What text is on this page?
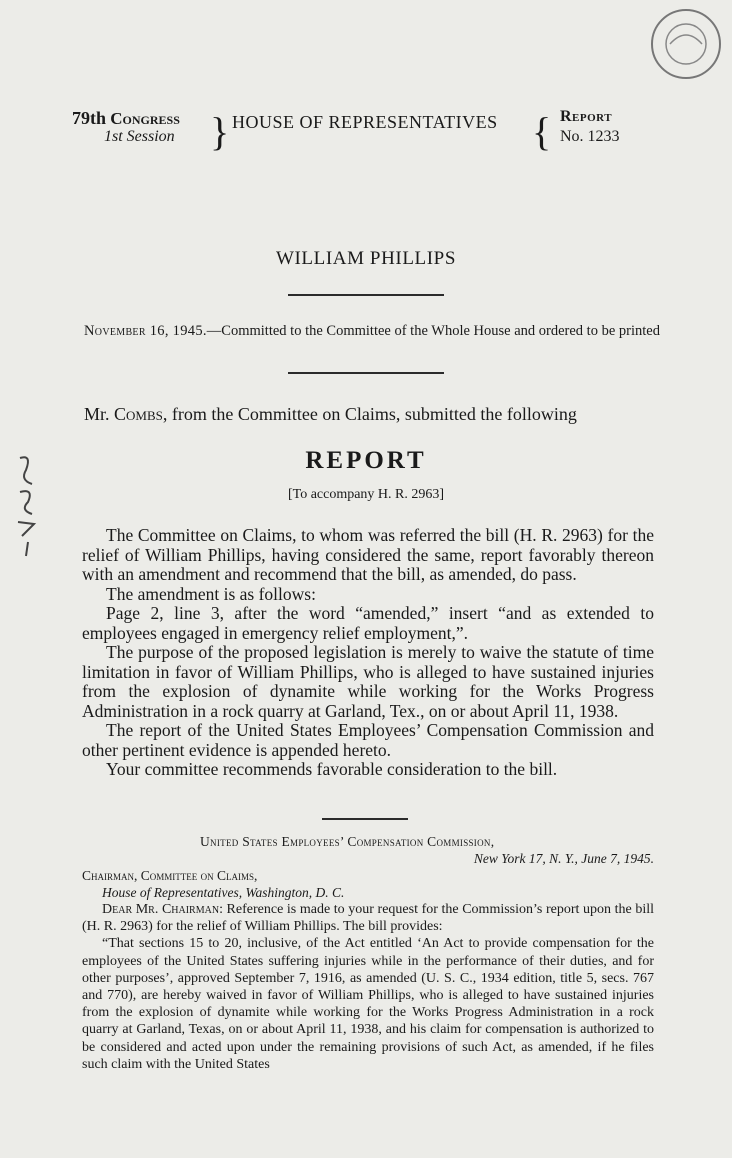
79th Congress
1st Session } HOUSE OF REPRESENTATIVES { Report
No. 1233
WILLIAM PHILLIPS
November 16, 1945.—Committed to the Committee of the Whole House and ordered to be printed
Mr. Combs, from the Committee on Claims, submitted the following
REPORT
[To accompany H. R. 2963]

The Committee on Claims, to whom was referred the bill (H. R. 2963) for the relief of William Phillips, having considered the same, report favorably thereon with an amendment and recommend that the bill, as amended, do pass.

The amendment is as follows:

Page 2, line 3, after the word “amended,” insert “and as extended to employees engaged in emergency relief employment,”.

The purpose of the proposed legislation is merely to waive the statute of time limitation in favor of William Phillips, who is alleged to have sustained injuries from the explosion of dynamite while working for the Works Progress Administration in a rock quarry at Garland, Tex., on or about April 11, 1938.

The report of the United States Employees’ Compensation Commission and other pertinent evidence is appended hereto.

Your committee recommends favorable consideration to the bill.

United States Employees’ Compensation Commission,
New York 17, N. Y., June 7, 1945.
Chairman, Committee on Claims,
House of Representatives, Washington, D. C.

Dear Mr. Chairman: Reference is made to your request for the Commission’s report upon the bill (H. R. 2963) for the relief of William Phillips. The bill provides:

“That sections 15 to 20, inclusive, of the Act entitled ‘An Act to provide compensation for the employees of the United States suffering injuries while in the performance of their duties, and for other purposes’, approved September 7, 1916, as amended (U. S. C., 1934 edition, title 5, secs. 767 and 770), are hereby waived in favor of William Phillips, who is alleged to have sustained injuries from the explosion of dynamite while working for the Works Progress Administration in a rock quarry at Garland, Texas, on or about April 11, 1938, and his claim for compensation is authorized to be considered and acted upon under the remaining provisions of such Act, as amended, if he files such claim with the United States
